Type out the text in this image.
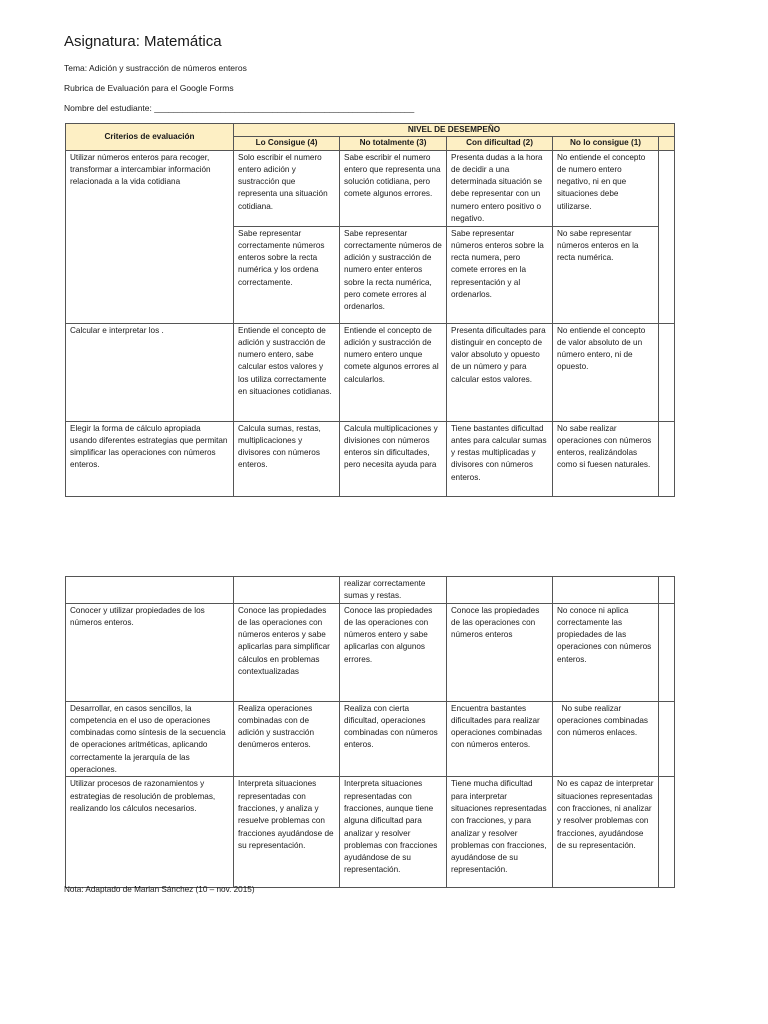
Asignatura: Matemática
Tema: Adición y sustracción de números enteros
Rubrica de Evaluación para el Google Forms
Nombre del estudiante: _______________________________________________________
Criterios de evaluación	NIVEL DE DESEMPEÑO				
	Lo Consigue (4)	No totalmente (3)	Con dificultad (2)	No lo consigue (1)	
Utilizar números enteros para recoger, transformar a intercambiar información relacionada a la vida cotidiana	Solo escribir el numero entero adición y sustracción que representa una situación cotidiana.	Sabe escribir el numero entero que representa una solución cotidiana, pero comete algunos errores.	Presenta dudas a la hora de decidir a una determinada situación se debe representar con un numero entero positivo o negativo.	No entiende el concepto de numero entero negativo, ni en que situaciones debe utilizarse.	
	Sabe representar correctamente números enteros sobre la recta numérica y los ordena correctamente.	Sabe representar correctamente números de adición y sustracción de numero enter enteros sobre la recta numérica, pero comete errores al ordenarlos.	Sabe representar números enteros sobre la recta numera, pero comete errores en la representación y al ordenarlos.	No sabe representar números enteros en la recta numérica.	
Calcular e interpretar los .	Entiende el concepto de adición y sustracción de numero entero, sabe calcular estos valores y los utiliza correctamente en situaciones cotidianas.	Entiende el concepto de adición y sustracción de numero entero unque comete algunos errores al calcularlos.	Presenta dificultades para distinguir en concepto de valor absoluto y opuesto de un número y para calcular estos valores.	No entiende el concepto de valor absoluto de un número entero, ni de opuesto.	
Elegir la forma de cálculo apropiada usando diferentes estrategias que permitan simplificar las operaciones con números enteros.	Calcula sumas, restas, multiplicaciones y divisores con números enteros.	Calcula multiplicaciones y divisiones con números enteros sin dificultades, pero necesita ayuda para	Tiene bastantes dificultad antes para calcular sumas y restas multiplicadas y divisores con números enteros.	No sabe realizar operaciones con números enteros, realizándolas como si fuesen naturales.	
		realizar correctamente sumas y restas.			
Conocer y utilizar propiedades de los números enteros.	Conoce las propiedades de las operaciones con números enteros y sabe aplicarlas para simplificar cálculos en problemas contextualizadas	Conoce las propiedades de las operaciones con números entero y sabe aplicarlas con algunos errores.	Conoce las propiedades de las operaciones con números enteros	No conoce ni aplica correctamente las propiedades de las operaciones con números enteros.	
Desarrollar, en casos sencillos, la competencia en el uso de operaciones combinadas como síntesis de la secuencia de operaciones aritméticas, aplicando correctamente la jerarquía de las operaciones.	Realiza operaciones combinadas con de adición y sustracción denúmeros enteros.	Realiza con cierta dificultad, operaciones combinadas con números enteros.	Encuentra bastantes dificultades para realizar operaciones combinadas con números enteros.	No sube realizar operaciones combinadas con números enlaces.	
Utilizar procesos de razonamientos y estrategias de resolución de problemas, realizando los cálculos necesarios.	Interpreta situaciones representadas con fracciones, y analiza y resuelve problemas con fracciones ayudándose de su representación.	Interpreta situaciones representadas con fracciones, aunque tiene alguna dificultad para analizar y resolver problemas con fracciones ayudándose de su representación.	Tiene mucha dificultad para interpretar situaciones representadas con fracciones, y para analizar y resolver problemas con fracciones, ayudándose de su representación.	No es capaz de interpretar situaciones representadas con fracciones, ni analizar y resolver problemas con fracciones, ayudándose de su representación.	
Nota: Adaptado de Marian Sánchez (10 – nov. 2015)
